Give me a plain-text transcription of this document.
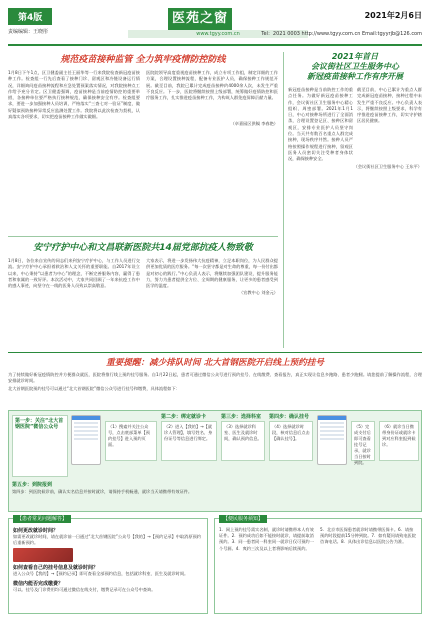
第4版
责编编辑：王晓彤	www.tgyy.com.cn
医苑之窗	2021年2月6日
Tel：2021 0003 http://www.tgyy.com.cn Email:tgyyrjb@126.com
规范疫苗接种监管 全力筑牢疫情防控防线
1月8日下午1点，区卫健委副主任王丽华等一行来我院检查新冠疫苗接种工作。检查组一行先后查看了接种门诊、留观区和冷链设备运行情况，详细询问疫苗接种流程和应急处置预案落实情况，对我院接种点工作给予充分肯定。区卫健委强调，疫苗接种是当前疫情防控的重要举措，各接种单位要严格执行接种规范，确保接种安全有序。检查组要求，要进一步加强接种人员培训，严格落实“三查七对一验证”制度，做好疑似预防接种异常反应监测处置工作。我院将以此次检查为契机，认真落实各项要求，切实把疫苗接种工作做实做细。
医院院领导高度重视疫苗接种工作，成立专项工作组，制定详细的工作方案，合理设置接种流程，配备专业医护人员，确保接种工作规范开展。截至目前，我院已累计完成疫苗接种约4000余人次，未发生严重不良反应。下一步，医院将继续按照上级部署，统筹做好疫情防控和医疗服务工作，扎实推进疫苗接种工作，为构筑人群免疫屏障贡献力量。
（卓嘉园区供稿 李春艳）
安宁疗护中心和文昌联新医院共14届党部抗疫人物致敬
1月8日，各位来自宣传的同志们来到安宁疗护中心，与工作人员进行交流。安宁疗护中心承担着救治和人文关怀的重要职能。自2017年设立以来，中心秉持“以患者为中心”的理念，不断完善服务内容，赢得了患者和家属的一致好评。本次活动中，大家共同回顾了一年来抗疫工作中的感人事迹，向坚守在一线的医务人员致以崇高敬意。
大家表示，将进一步发扬伟大抗疫精神，立足本职岗位，为人民群众提供更加优质的医疗服务。“每一次坚守都是对生命的尊重，每一份付出都是对初心的践行。”中心负责人表示，将继续加强团队建设，提升服务能力，努力为患者提供全方位、全周期的健康服务，让更多的患者感受到医学的温度。
（宣教中心 刘金元）
2021年首日
会议街社区卫生服务中心
新冠疫苗接种工作有序开展
新冠疫苗接种是当前防控工作的重点任务。为做好新冠疫苗接种工作，会议街社区卫生服务中心精心组织、周密部署。2021年1月1日，中心对接种场所进行了全面消杀，合理设置登记区、接种区和留观区，安排专业医护人员坚守岗位。当天共有数百名重点人群完成接种，现场秩序井然。接种人员严格按照操作规程进行接种，留观区医务人员密切关注受种者身体状况，确保接种安全。
截至目前，中心已累计为重点人群完成新冠疫苗接种，接种过程中未发生严重不良反应。中心负责人表示，将继续按照上级要求，科学有序推进疫苗接种工作，切实守护辖区居民健康。
（会议街社区卫生服务中心 王东平）
重要提醒：减少排队时间 北大首钢医院开启线上预约挂号
为了持续做好新冠疫情防控并方便群众就医，医院将推行线上预约挂号服务。自1月22日起，患者可通过微信公众号进行预约挂号、在线缴费、查看报告，真正实现让信息多跑路、患者少跑腿。请您提前了解操作流程，合理安排就诊时间。
北大首钢医院预约挂号可以通过“北大首钢医院”微信公众号进行挂号和缴费，具体流程如下：
第一步：关注“北大首钢医院”微信公众号	（1）搜索并关注公众号，点击底部菜单【预约挂号】进入预约页面。
第二步：绑定就诊卡
（2）进入【我的】→【就诊人管理】，填写姓名、身份证号等信息进行绑定。
第三步：选择科室
（3）选择就诊科室、医生及就诊时间，确认预约信息。
第四步：确认挂号
（4）选择就诊时段，核对信息后点击【确认挂号】。
（5）完成支付后即可查看挂号记录，就诊当日按时到院。
（6）就诊当日携带身份证或就诊卡到对应科室报到候诊。
第五步：到院报到
第四步：到医院候诊前，确认实名信息并按时就诊，请保持手机畅通，就诊当天请携带有效证件。
【患者常见问题解答】
如何更改就诊时间？
如需更改就诊时间，请在就诊前一日通过“北大首钢医院”公众号【我的】→【预约记录】中取消原预约后重新预约。
如何查看自己的挂号信息及就诊时间？
进入公众号【我的】→【预约记录】即可查看全部预约信息，包括就诊科室、医生及就诊时间。
微信内能否完成缴费？
可以。挂号及门诊费用均可通过微信在线支付，缴费记录可在公众号中查询。
【便民服务须知】
1．网上预约挂号需实名制，就诊时请携带本人有效证件。2．预约成功后如不能按时就诊，请提前取消预约。3．同一患者同一科室同一就诊日仅可预约一个号源。4．爽约三次及以上者将影响后续预约。
5．北京市医保患者就诊时请携带医保卡。6．请按预约时段提前15分钟到院。7．如有疑问请致电医院咨询电话。8．具体出诊信息以医院公告为准。
